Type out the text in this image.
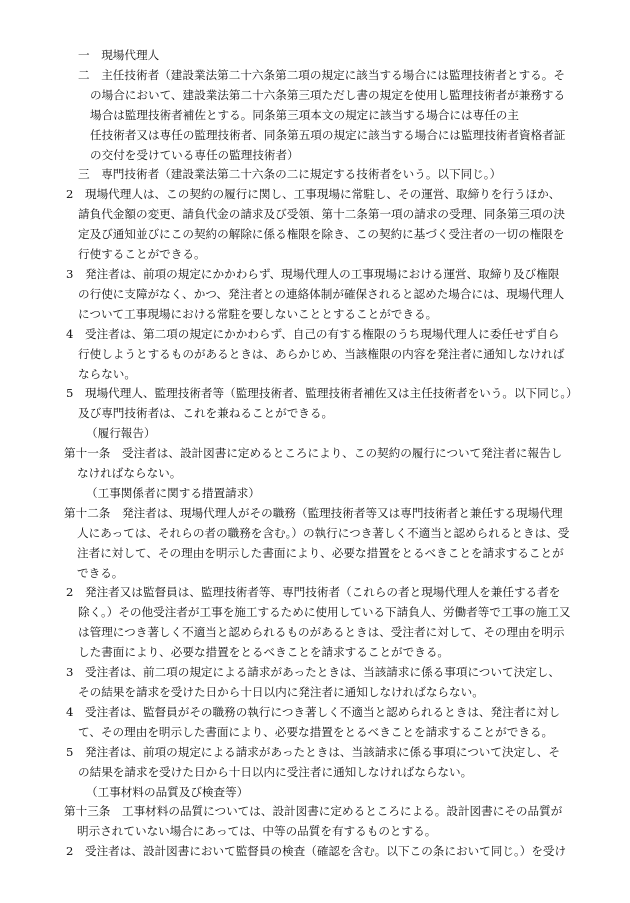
一　現場代理人

二　主任技術者（建設業法第二十六条第二項の規定に該当する場合には監理技術者とする。そ

の場合において、建設業法第二十六条第三項ただし書の規定を使用し監理技術者が兼務する

場合は監理技術者補佐とする。同条第三項本文の規定に該当する場合には専任の主

任技術者又は専任の監理技術者、同条第五項の規定に該当する場合には監理技術者資格者証

の交付を受けている専任の監理技術者）

三　専門技術者（建設業法第二十六条の二に規定する技術者をいう。以下同じ。）

2　現場代理人は、この契約の履行に関し、工事現場に常駐し、その運営、取締りを行うほか、

請負代金額の変更、請負代金の請求及び受領、第十二条第一項の請求の受理、同条第三項の決

定及び通知並びにこの契約の解除に係る権限を除き、この契約に基づく受注者の一切の権限を

行使することができる。

3　発注者は、前項の規定にかかわらず、現場代理人の工事現場における運営、取締り及び権限

の行使に支障がなく、かつ、発注者との連絡体制が確保されると認めた場合には、現場代理人

について工事現場における常駐を要しないこととすることができる。

4　受注者は、第二項の規定にかかわらず、自己の有する権限のうち現場代理人に委任せず自ら

行使しようとするものがあるときは、あらかじめ、当該権限の内容を発注者に通知しなければ

ならない。

5　現場代理人、監理技術者等（監理技術者、監理技術者補佐又は主任技術者をいう。以下同じ。）

及び専門技術者は、これを兼ねることができる。

（履行報告）

第十一条　受注者は、設計図書に定めるところにより、この契約の履行について発注者に報告し

なければならない。

（工事関係者に関する措置請求）

第十二条　発注者は、現場代理人がその職務（監理技術者等又は専門技術者と兼任する現場代理

人にあっては、それらの者の職務を含む。）の執行につき著しく不適当と認められるときは、受

注者に対して、その理由を明示した書面により、必要な措置をとるべきことを請求することが

できる。

2　発注者又は監督員は、監理技術者等、専門技術者（これらの者と現場代理人を兼任する者を

除く。）その他受注者が工事を施工するために使用している下請負人、労働者等で工事の施工又

は管理につき著しく不適当と認められるものがあるときは、受注者に対して、その理由を明示

した書面により、必要な措置をとるべきことを請求することができる。

3　受注者は、前二項の規定による請求があったときは、当該請求に係る事項について決定し、

その結果を請求を受けた日から十日以内に発注者に通知しなければならない。

4　受注者は、監督員がその職務の執行につき著しく不適当と認められるときは、発注者に対し

て、その理由を明示した書面により、必要な措置をとるべきことを請求することができる。

5　発注者は、前項の規定による請求があったときは、当該請求に係る事項について決定し、そ

の結果を請求を受けた日から十日以内に受注者に通知しなければならない。

（工事材料の品質及び検査等）

第十三条　工事材料の品質については、設計図書に定めるところによる。設計図書にその品質が

明示されていない場合にあっては、中等の品質を有するものとする。

2　受注者は、設計図書において監督員の検査（確認を含む。以下この条において同じ。）を受け
